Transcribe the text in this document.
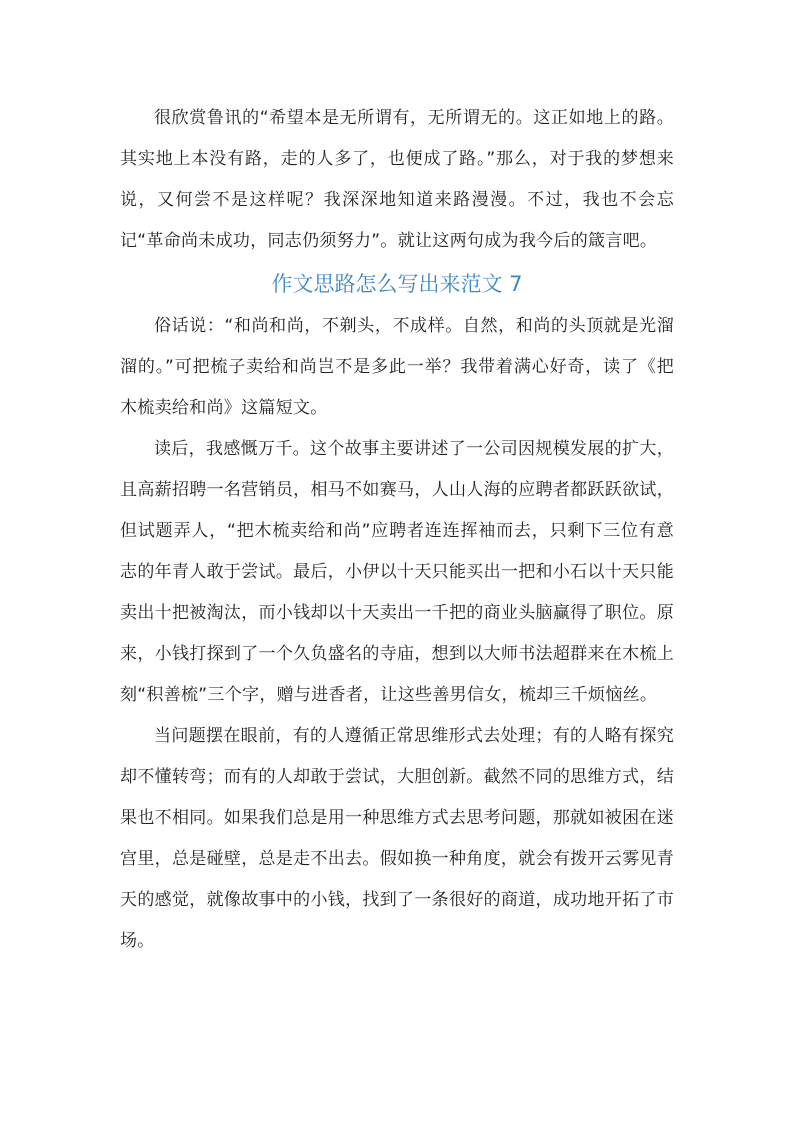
很欣赏鲁讯的“希望本是无所谓有，无所谓无的。这正如地上的路。其实地上本没有路，走的人多了，也便成了路。”那么，对于我的梦想来说，又何尝不是这样呢？我深深地知道来路漫漫。不过，我也不会忘记“革命尚未成功，同志仍须努力”。就让这两句成为我今后的箴言吧。

作文思路怎么写出来范文 7

俗话说：“和尚和尚，不剃头，不成样。自然，和尚的头顶就是光溜溜的。”可把梳子卖给和尚岂不是多此一举？我带着满心好奇，读了《把木梳卖给和尚》这篇短文。

读后，我感慨万千。这个故事主要讲述了一公司因规模发展的扩大，且高薪招聘一名营销员，相马不如赛马，人山人海的应聘者都跃跃欲试，但试题弄人，“把木梳卖给和尚”应聘者连连挥袖而去，只剩下三位有意志的年青人敢于尝试。最后，小伊以十天只能买出一把和小石以十天只能卖出十把被淘汰，而小钱却以十天卖出一千把的商业头脑赢得了职位。原来，小钱打探到了一个久负盛名的寺庙，想到以大师书法超群来在木梳上刻“积善梳”三个字，赠与进香者，让这些善男信女，梳却三千烦恼丝。

当问题摆在眼前，有的人遵循正常思维形式去处理；有的人略有探究却不懂转弯；而有的人却敢于尝试，大胆创新。截然不同的思维方式，结果也不相同。如果我们总是用一种思维方式去思考问题，那就如被困在迷宫里，总是碰壁，总是走不出去。假如换一种角度，就会有拨开云雾见青天的感觉，就像故事中的小钱，找到了一条很好的商道，成功地开拓了市场。
